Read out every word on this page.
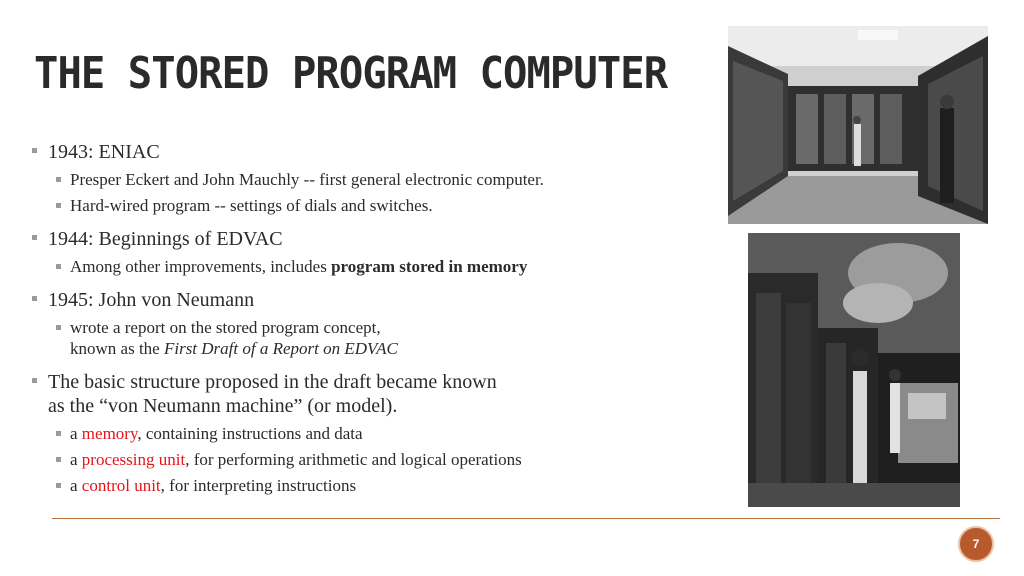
THE STORED PROGRAM COMPUTER
1943: ENIAC
Presper Eckert and John Mauchly -- first general electronic computer.
Hard-wired program -- settings of dials and switches.
1944: Beginnings of EDVAC
Among other improvements, includes program stored in memory
1945: John von Neumann
wrote a report on the stored program concept,
known as the First Draft of a Report on EDVAC
The basic structure proposed in the draft became known
as the “von Neumann machine” (or model).
a memory, containing instructions and data
a processing unit, for performing arithmetic and logical operations
a control unit, for interpreting instructions
7
